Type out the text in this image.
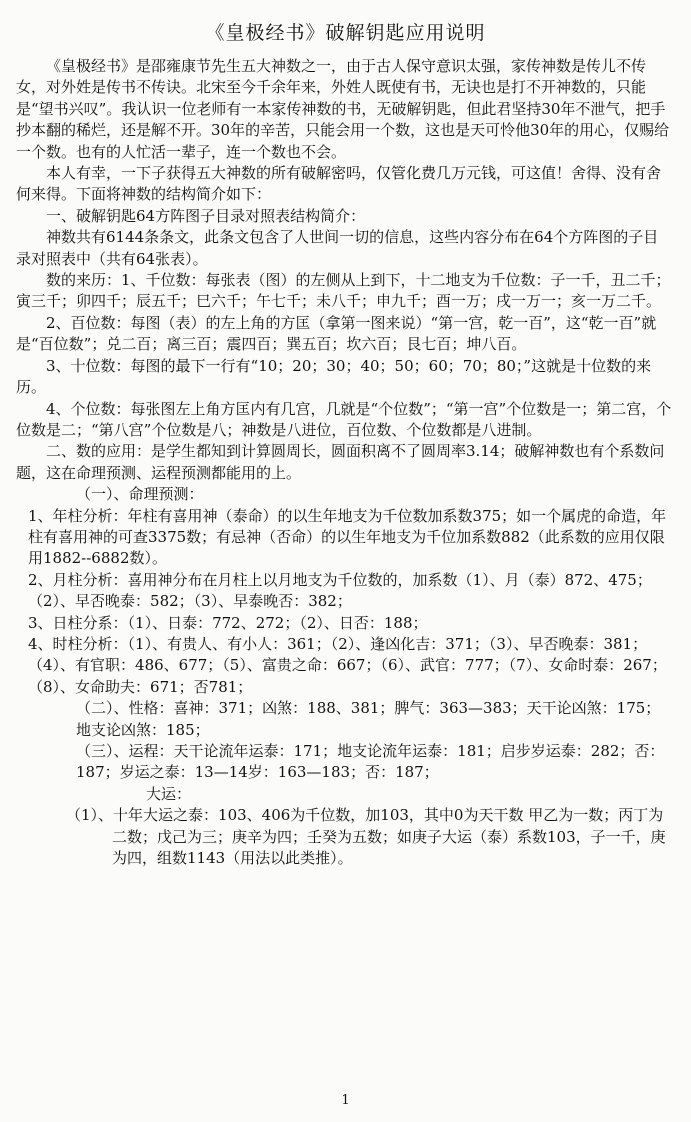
《皇极经书》破解钥匙应用说明

《皇极经书》是邵雍康节先生五大神数之一，由于古人保守意识太强，家传神数是传儿不传女，对外姓是传书不传诀。北宋至今千余年来，外姓人既使有书，无诀也是打不开神数的，只能是“望书兴叹”。我认识一位老师有一本家传神数的书，无破解钥匙，但此君坚持30年不泄气，把手抄本翻的稀烂，还是解不开。30年的辛苦，只能会用一个数，这也是天可怜他30年的用心，仅赐给一个数。也有的人忙活一辈子，连一个数也不会。

本人有幸，一下子获得五大神数的所有破解密吗，仅管化费几万元钱，可这值！舍得、没有舍何来得。下面将神数的结构简介如下：

一、破解钥匙64方阵图子目录对照表结构简介：

神数共有6144条条文，此条文包含了人世间一切的信息，这些内容分布在64个方阵图的子目录对照表中（共有64张表）。

数的来历：1、千位数：每张表（图）的左侧从上到下，十二地支为千位数：子一千，丑二千；寅三千；卯四千；辰五千；巳六千；午七千；未八千；申九千；酉一万；戌一万一；亥一万二千。

2、百位数：每图（表）的左上角的方匡（拿第一图来说）“第一宫，乾一百”，这“乾一百”就是“百位数”；兑二百；离三百；震四百；巽五百；坎六百；艮七百；坤八百。

3、十位数：每图的最下一行有“10；20；30；40；50；60；70；80；”这就是十位数的来历。

4、个位数：每张图左上角方匡内有几宫，几就是“个位数”；“第一宫”个位数是一；第二宫，个位数是二；“第八宫”个位数是八；神数是八进位，百位数、个位数都是八进制。

二、数的应用：是学生都知到计算圆周长，圆面积离不了圆周率3.14；破解神数也有个系数问题，这在命理预测、运程预测都能用的上。

（一）、命理预测：

1、年柱分析：年柱有喜用神（泰命）的以生年地支为千位数加系数375；如一个属虎的命造，年柱有喜用神的可查3375数；有忌神（否命）的以生年地支为千位加系数882（此系数的应用仅限用1882--6882数）。

2、月柱分析：喜用神分布在月柱上以月地支为千位数的，加系数（1）、月（泰）872、475；（2）、早否晚泰：582；（3）、早泰晚否：382；

3、日柱分系：（1）、日泰：772、272；（2）、日否：188；

4、时柱分析：（1）、有贵人、有小人：361；（2）、逢凶化吉：371；（3）、早否晚泰：381；（4）、有官职：486、677；（5）、富贵之命：667；（6）、武官：777；（7）、女命时泰：267；（8）、女命助夫：671；否781；

（二）、性格：喜神：371；凶煞：188、381；脾气：363—383；天干论凶煞：175；地支论凶煞：185；

（三）、运程：天干论流年运泰：171；地支论流年运泰：181；启步岁运泰：282；否：187；岁运之泰：13—14岁：163—183；否：187；

大运：

（1）、十年大运之泰：103、406为千位数，加103，其中0为天干数 甲乙为一数；丙丁为二数；戊己为三；庚辛为四；壬癸为五数；如庚子大运（泰）系数103，子一千，庚为四，组数1143（用法以此类推）。

1
